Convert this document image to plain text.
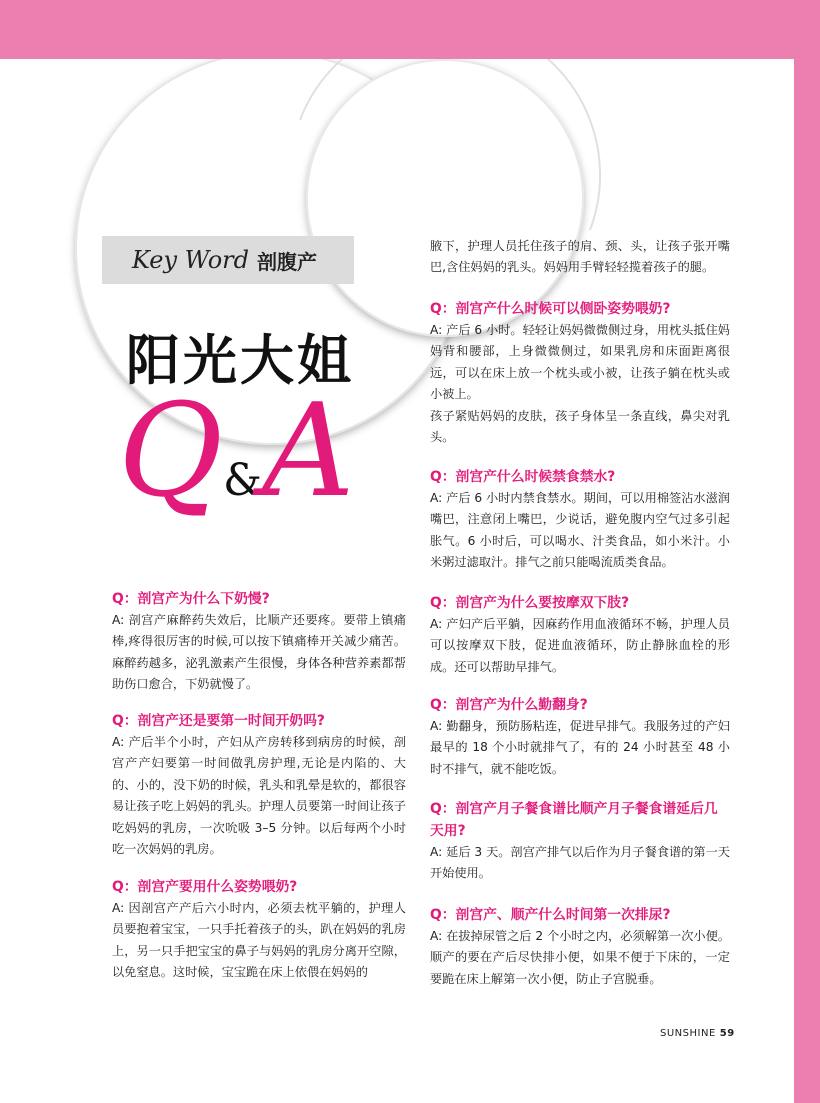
Key Word 剖腹产
阳光大姐
Q&A
Q：剖宫产为什么下奶慢?
A: 剖宫产麻醉药失效后，比顺产还要疼。要带上镇痛棒,疼得很厉害的时候,可以按下镇痛棒开关减少痛苦。麻醉药越多，泌乳激素产生很慢，身体各种营养素都帮助伤口愈合，下奶就慢了。
Q：剖宫产还是要第一时间开奶吗?
A: 产后半个小时，产妇从产房转移到病房的时候，剖宫产产妇要第一时间做乳房护理,无论是内陷的、大的、小的，没下奶的时候，乳头和乳晕是软的，都很容易让孩子吃上妈妈的乳头。护理人员要第一时间让孩子吃妈妈的乳房，一次吮吸 3–5 分钟。以后每两个小时吃一次妈妈的乳房。
Q：剖宫产要用什么姿势喂奶?
A: 因剖宫产产后六小时内，必须去枕平躺的，护理人员要抱着宝宝，一只手托着孩子的头，趴在妈妈的乳房上，另一只手把宝宝的鼻子与妈妈的乳房分离开空隙，以免窒息。这时候，宝宝跪在床上依偎在妈妈的
腋下，护理人员托住孩子的肩、颈、头，让孩子张开嘴巴,含住妈妈的乳头。妈妈用手臂轻轻揽着孩子的腿。
Q：剖宫产什么时候可以侧卧姿势喂奶?
A: 产后 6 小时。轻轻让妈妈微微侧过身，用枕头抵住妈妈背和腰部，上身微微侧过，如果乳房和床面距离很远，可以在床上放一个枕头或小被，让孩子躺在枕头或小被上。
孩子紧贴妈妈的皮肤，孩子身体呈一条直线，鼻尖对乳头。
Q：剖宫产什么时候禁食禁水?
A: 产后 6 小时内禁食禁水。期间，可以用棉签沾水滋润嘴巴，注意闭上嘴巴，少说话，避免腹内空气过多引起胀气。6 小时后，可以喝水、汁类食品，如小米汁。小米粥过滤取汁。排气之前只能喝流质类食品。
Q：剖宫产为什么要按摩双下肢?
A: 产妇产后平躺，因麻药作用血液循环不畅，护理人员可以按摩双下肢，促进血液循环，防止静脉血栓的形成。还可以帮助早排气。
Q：剖宫产为什么勤翻身?
A: 勤翻身，预防肠粘连，促进早排气。我服务过的产妇最早的 18 个小时就排气了，有的 24 小时甚至 48 小时不排气，就不能吃饭。
Q：剖宫产月子餐食谱比顺产月子餐食谱延后几天用?
A: 延后 3 天。剖宫产排气以后作为月子餐食谱的第一天开始使用。
Q：剖宫产、顺产什么时间第一次排尿?
A: 在拔掉尿管之后 2 个小时之内，必须解第一次小便。顺产的要在产后尽快排小便，如果不便于下床的，一定要跪在床上解第一次小便，防止子宫脱垂。
SUNSHINE 59
